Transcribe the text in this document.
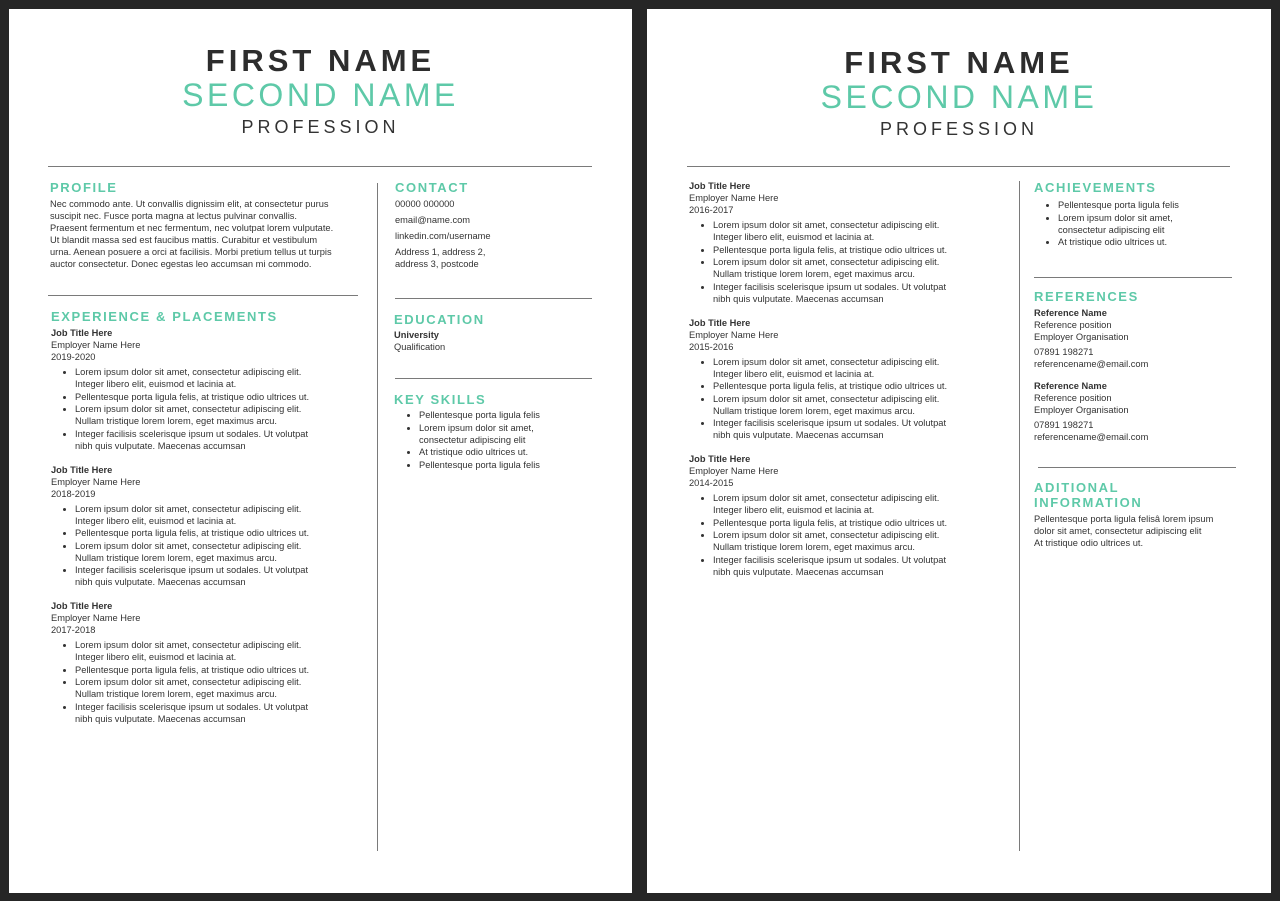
FIRST NAME
SECOND NAME
PROFESSION
PROFILE

Nec commodo ante. Ut convallis dignissim elit, at consectetur purus

suscipit nec. Fusce porta magna at lectus pulvinar convallis.

Praesent fermentum et nec fermentum, nec volutpat lorem vulputate.

Ut blandit massa sed est faucibus mattis. Curabitur et vestibulum

urna. Aenean posuere a orci at facilisis. Morbi pretium tellus ut turpis

auctor consectetur. Donec egestas leo accumsan mi commodo.

EXPERIENCE & PLACEMENTS
Job Title Here
Employer Name Here
2019-2020
• Lorem ipsum dolor sit amet, consectetur adipiscing elit.
Integer libero elit, euismod et lacinia at.
• Pellentesque porta ligula felis, at tristique odio ultrices ut.
• Lorem ipsum dolor sit amet, consectetur adipiscing elit.
Nullam tristique lorem lorem, eget maximus arcu.
• Integer facilisis scelerisque ipsum ut sodales. Ut volutpat
nibh quis vulputate. Maecenas accumsan
Job Title Here
Employer Name Here
2018-2019
• Lorem ipsum dolor sit amet, consectetur adipiscing elit.
Integer libero elit, euismod et lacinia at.
• Pellentesque porta ligula felis, at tristique odio ultrices ut.
• Lorem ipsum dolor sit amet, consectetur adipiscing elit.
Nullam tristique lorem lorem, eget maximus arcu.
• Integer facilisis scelerisque ipsum ut sodales. Ut volutpat
nibh quis vulputate. Maecenas accumsan
Job Title Here
Employer Name Here
2017-2018
• Lorem ipsum dolor sit amet, consectetur adipiscing elit.
Integer libero elit, euismod et lacinia at.
• Pellentesque porta ligula felis, at tristique odio ultrices ut.
• Lorem ipsum dolor sit amet, consectetur adipiscing elit.
Nullam tristique lorem lorem, eget maximus arcu.
• Integer facilisis scelerisque ipsum ut sodales. Ut volutpat
nibh quis vulputate. Maecenas accumsan
CONTACT
00000 000000
email@name.com
linkedin.com/username
Address 1, address 2,
address 3, postcode
EDUCATION
University
Qualification
KEY SKILLS
• Pellentesque porta ligula felis
• Lorem ipsum dolor sit amet,
consectetur adipiscing elit
• At tristique odio ultrices ut.
• Pellentesque porta ligula felis
FIRST NAME
SECOND NAME
PROFESSION
Job Title Here
Employer Name Here
2016-2017
• Lorem ipsum dolor sit amet, consectetur adipiscing elit.
Integer libero elit, euismod et lacinia at.
• Pellentesque porta ligula felis, at tristique odio ultrices ut.
• Lorem ipsum dolor sit amet, consectetur adipiscing elit.
Nullam tristique lorem lorem, eget maximus arcu.
• Integer facilisis scelerisque ipsum ut sodales. Ut volutpat
nibh quis vulputate. Maecenas accumsan
Job Title Here
Employer Name Here
2015-2016
• Lorem ipsum dolor sit amet, consectetur adipiscing elit.
Integer libero elit, euismod et lacinia at.
• Pellentesque porta ligula felis, at tristique odio ultrices ut.
• Lorem ipsum dolor sit amet, consectetur adipiscing elit.
Nullam tristique lorem lorem, eget maximus arcu.
• Integer facilisis scelerisque ipsum ut sodales. Ut volutpat
nibh quis vulputate. Maecenas accumsan
Job Title Here
Employer Name Here
2014-2015
• Lorem ipsum dolor sit amet, consectetur adipiscing elit.
Integer libero elit, euismod et lacinia at.
• Pellentesque porta ligula felis, at tristique odio ultrices ut.
• Lorem ipsum dolor sit amet, consectetur adipiscing elit.
Nullam tristique lorem lorem, eget maximus arcu.
• Integer facilisis scelerisque ipsum ut sodales. Ut volutpat
nibh quis vulputate. Maecenas accumsan
ACHIEVEMENTS
• Pellentesque porta ligula felis
• Lorem ipsum dolor sit amet,
consectetur adipiscing elit
• At tristique odio ultrices ut.
REFERENCES
Reference Name
Reference position
Employer Organisation
07891 198271
referencename@email.com
Reference Name
Reference position
Employer Organisation
07891 198271
referencename@email.com
ADITIONAL
INFORMATION

Pellentesque porta ligula felisâ lorem ipsum

dolor sit amet, consectetur adipiscing elit

At tristique odio ultrices ut.
